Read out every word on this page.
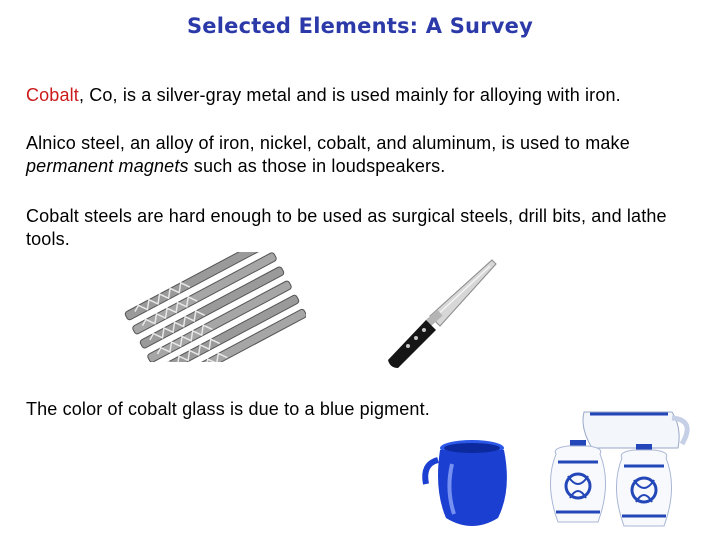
Selected Elements: A Survey
Cobalt, Co, is a silver-gray metal and is used mainly for alloying with iron.
Alnico steel, an alloy of iron, nickel, cobalt, and aluminum, is used to make permanent magnets such as those in loudspeakers.
Cobalt steels are hard enough to be used as surgical steels, drill bits, and lathe tools.
The color of cobalt glass is due to a blue pigment.
